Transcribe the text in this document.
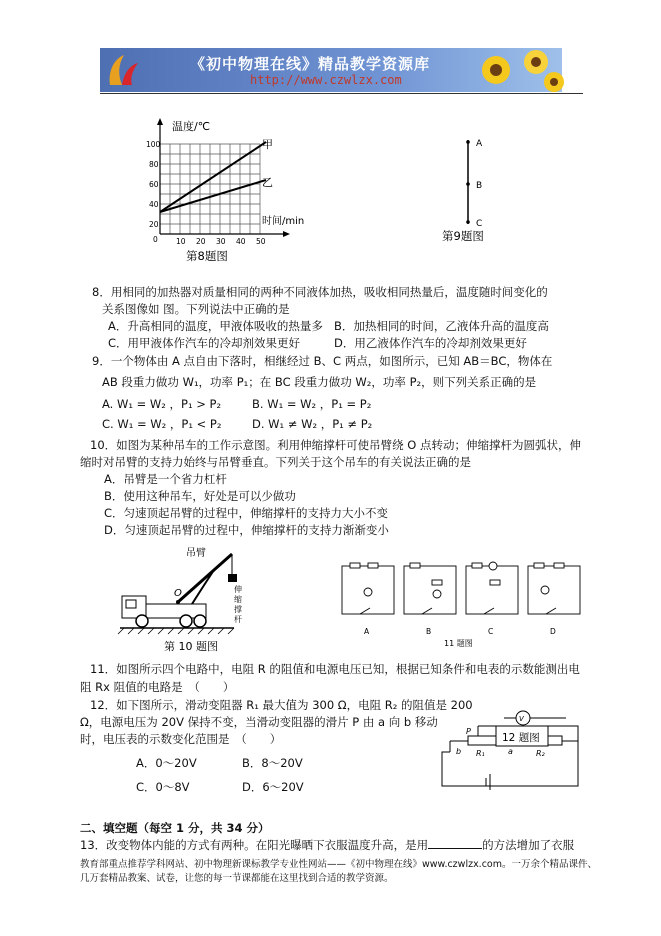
《初中物理在线》精品教学资源库
http://www.czwlzx.com
温度/℃
时间/min
甲
乙
100
80
60
40
20
0 10 20 30 40 50
第8题图
A
B
C
第9题图
8．用相同的加热器对质量相同的两种不同液体加热，吸收相同热量后，温度随时间变化的
关系图像如 图。下列说法中正确的是
A．升高相同的温度，甲液体吸收的热量多 B．加热相同的时间，乙液体升高的温度高
C．用甲液体作汽车的冷却剂效果更好	D．用乙液体作汽车的冷却剂效果更好
9．一个物体由 A 点自由下落时，相继经过 B、C 两点，如图所示，已知 AB＝BC，物体在
AB 段重力做功 W₁，功率 P₁；在 BC 段重力做功 W₂，功率 P₂，则下列关系正确的是
A. W₁ = W₂ ，P₁ > P₂	B. W₁ = W₂ ，P₁ = P₂
C. W₁ = W₂ ，P₁ < P₂	D. W₁ ≠ W₂ ，P₁ ≠ P₂
10．如图为某种吊车的工作示意图。利用伸缩撑杆可使吊臂绕 O 点转动；伸缩撑杆为圆弧状，伸
缩时对吊臂的支持力始终与吊臂垂直。下列关于这个吊车的有关说法正确的是
A．吊臂是一个省力杠杆
B．使用这种吊车，好处是可以少做功
C．匀速顶起吊臂的过程中，伸缩撑杆的支持力大小不变
D．匀速顶起吊臂的过程中，伸缩撑杆的支持力渐渐变小
O
吊臂
伸
缩
撑
杆
第 10 题图
A	B	C	D
11 题图
11．如图所示四个电路中，电阻 R 的阻值和电源电压已知，根据已知条件和电表的示数能测出电
阻 Rx 阻值的电路是　（　　）
12．如下图所示，滑动变阻器 R₁ 最大值为 300 Ω，电阻 R₂ 的阻值是 200
Ω，电源电压为 20V 保持不变，当滑动变阻器的滑片 P 由 a 向 b 移动
时，电压表的示数变化范围是　（　　）
A．0～20V	B．8～20V
C．0～8V	D．6～20V
12 题图
V
P
b	a
R₁	R₂
二、填空题（每空 1 分，共 34 分）
13．改变物体内能的方式有两种。在阳光曝晒下衣服温度升高，是用	的方法增加了衣服
教育部重点推荐学科网站、初中物理新课标教学专业性网站——《初中物理在线》www.czwlzx.com。一万余个精品课件、
几万套精品教案、试卷，让您的每一节课都能在这里找到合适的教学资源。
